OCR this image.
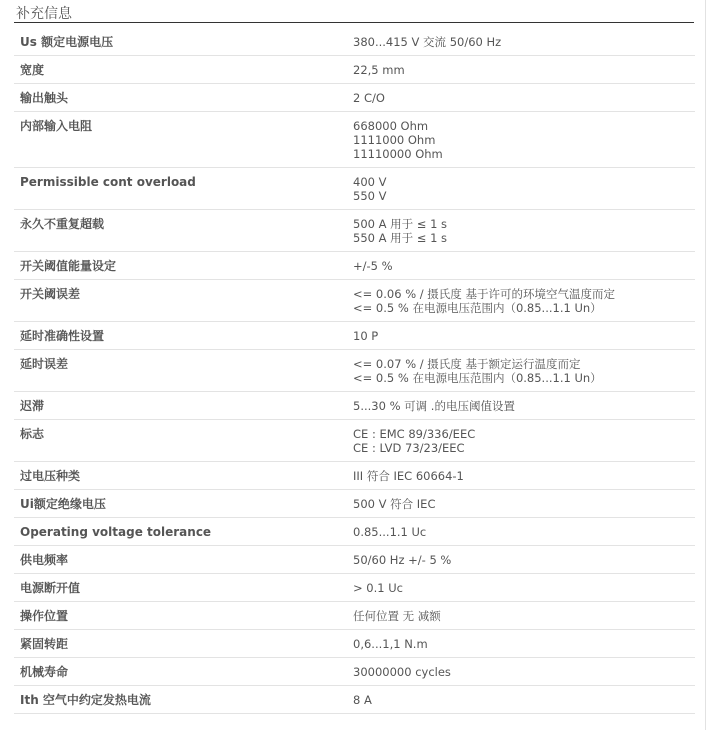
补充信息
Us 额定电源电压	380...415 V 交流 50/60 Hz
宽度	22,5 mm
输出触头	2 C/O
内部输入电阻	668000 Ohm
1111000 Ohm
11110000 Ohm
Permissible cont overload	400 V
550 V
永久不重复超载	500 A 用于 ≤ 1 s
550 A 用于 ≤ 1 s
开关阈值能量设定	+/-5 %
开关阈误差	<= 0.06 % / 摄氏度 基于许可的环境空气温度而定
<= 0.5 % 在电源电压范围内（0.85...1.1 Un）
延时准确性设置	10 P
延时误差	<= 0.07 % / 摄氏度 基于额定运行温度而定
<= 0.5 % 在电源电压范围内（0.85...1.1 Un）
迟滞	5...30 % 可调 .的电压阈值设置
标志	CE : EMC 89/336/EEC
CE : LVD 73/23/EEC
过电压种类	III 符合 IEC 60664-1
Ui额定绝缘电压	500 V 符合 IEC
Operating voltage tolerance	0.85...1.1 Uc
供电频率	50/60 Hz +/- 5 %
电源断开值	> 0.1 Uc
操作位置	任何位置 无 减额
紧固转距	0,6...1,1 N.m
机械寿命	30000000 cycles
Ith 空气中约定发热电流	8 A
